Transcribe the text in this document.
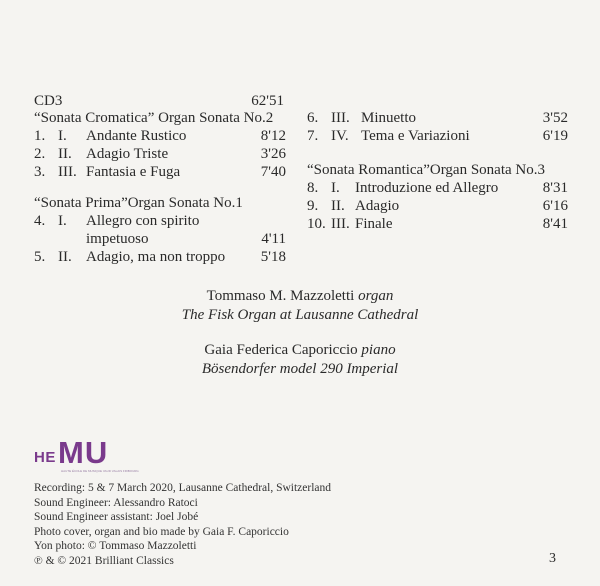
CD3	62'51
“Sonata Cromatica” Organ Sonata No.2
1. I. Andante Rustico	8'12
2. II. Adagio Triste	3'26
3. III. Fantasia e Fuga	7'40
“Sonata Prima”Organ Sonata No.1
4. I. Allegro con spirito
impetuoso	4'11
5. II. Adagio, ma non troppo 5'18
6. III. Minuetto	3'52
7. IV. Tema e Variazioni	6'19
“Sonata Romantica”Organ Sonata No.3
8. I. Introduzione ed Allegro	8'31
9. II. Adagio	6'16
10. III. Finale	8'41
Tommaso M. Mazzoletti organ
The Fisk Organ at Lausanne Cathedral
Gaia Federica Caporiccio piano
Bösendorfer model 290 Imperial
HE MU
HAUTE ÉCOLE DE MUSIQUE VAUD VALAIS FRIBOURG
Recording: 5 & 7 March 2020, Lausanne Cathedral, Switzerland
Sound Engineer: Alessandro Ratoci
Sound Engineer assistant: Joel Jobé
Photo cover, organ and bio made by Gaia F. Caporiccio
Yon photo: © Tommaso Mazzoletti
℗ & © 2021 Brilliant Classics	3
